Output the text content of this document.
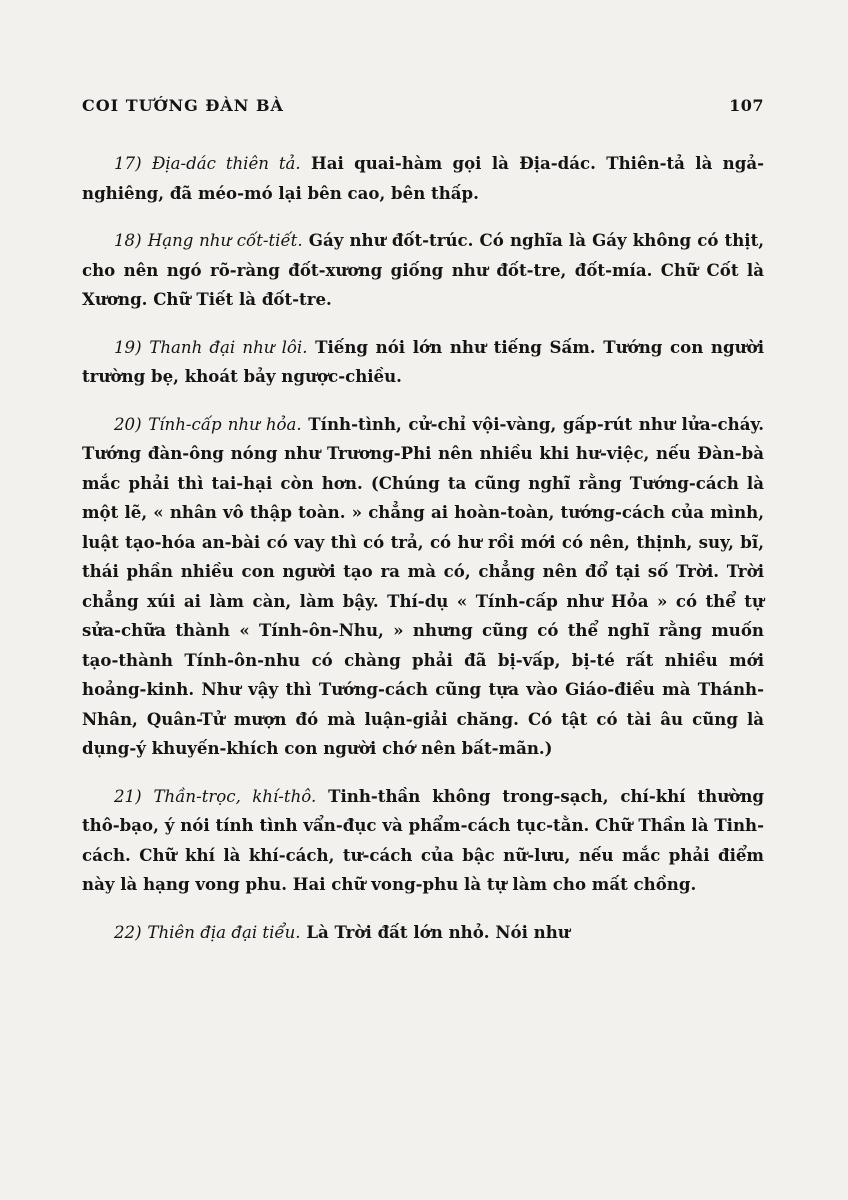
COI TƯỚNG ĐÀN BÀ	107

17) Địa-dác thiên tả. Hai quai-hàm gọi là Địa-dác. Thiên-tả là ngả-nghiêng, đã méo-mó lại bên cao, bên thấp.

18) Hạng như cốt-tiết. Gáy như đốt-trúc. Có nghĩa là Gáy không có thịt, cho nên ngó rõ-ràng đốt-xương giống như đốt-tre, đốt-mía. Chữ Cốt là Xương. Chữ Tiết là đốt-tre.

19) Thanh đại như lôi. Tiếng nói lớn như tiếng Sấm. Tướng con người trường bẹ, khoát bảy ngược-chiều.

20) Tính-cấp như hỏa. Tính-tình, cử-chỉ vội-vàng, gấp-rút như lửa-cháy. Tướng đàn-ông nóng như Trương-Phi nên nhiều khi hư-việc, nếu Đàn-bà mắc phải thì tai-hại còn hơn. (Chúng ta cũng nghĩ rằng Tướng-cách là một lẽ, « nhân vô thập toàn. » chẳng ai hoàn-toàn, tướng-cách của mình, luật tạo-hóa an-bài có vay thì có trả, có hư rồi mới có nên, thịnh, suy, bĩ, thái phần nhiều con người tạo ra mà có, chẳng nên đổ tại số Trời. Trời chẳng xúi ai làm càn, làm bậy. Thí-dụ « Tính-cấp như Hỏa » có thể tự sửa-chữa thành « Tính-ôn-Nhu, » nhưng cũng có thể nghĩ rằng muốn tạo-thành Tính-ôn-nhu có chàng phải đã bị-vấp, bị-té rất nhiều mới hoảng-kinh. Như vậy thì Tướng-cách cũng tựa vào Giáo-điều mà Thánh-Nhân, Quân-Tử mượn đó mà luận-giải chăng. Có tật có tài âu cũng là dụng-ý khuyến-khích con người chớ nên bất-mãn.)

21) Thần-trọc, khí-thô. Tinh-thần không trong-sạch, chí-khí thường thô-bạo, ý nói tính tình vẩn-đục và phẩm-cách tục-tằn. Chữ Thần là Tinh-cách. Chữ khí là khí-cách, tư-cách của bậc nữ-lưu, nếu mắc phải điểm này là hạng vong phu. Hai chữ vong-phu là tự làm cho mất chồng.

22) Thiên địa đại tiểu. Là Trời đất lớn nhỏ. Nói như
